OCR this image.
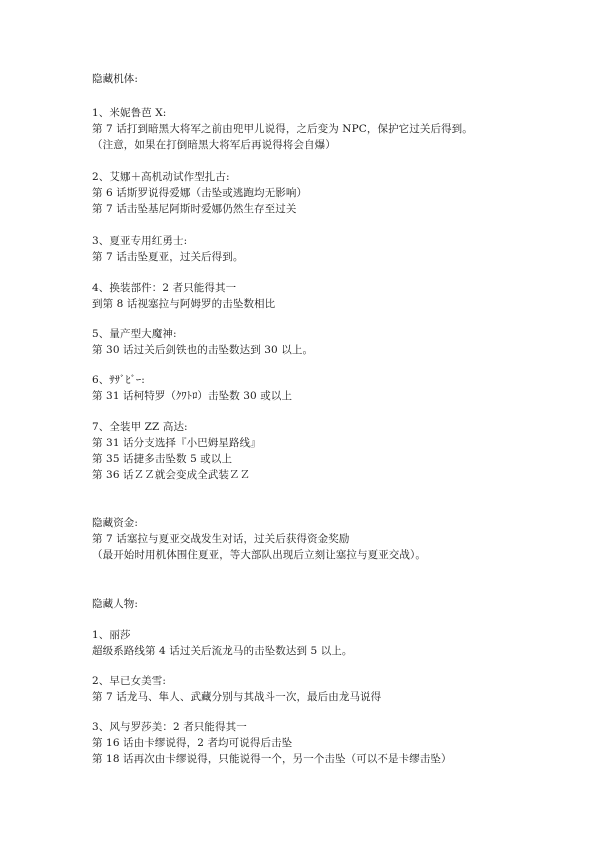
隐藏机体:
1、米妮鲁芭 X:
第 7 话打到暗黑大将军之前由兜甲儿说得，之后变为 NPC，保护它过关后得到。
（注意，如果在打倒暗黑大将军后再说得将会自爆）
2、艾娜＋高机动试作型扎古:
第 6 话斯罗说得爱娜（击坠或逃跑均无影响）
第 7 话击坠基尼阿斯时爱娜仍然生存至过关
3、夏亚专用红勇士:
第 7 话击坠夏亚，过关后得到。
4、换装部件：2 者只能得其一
到第 8 话视塞拉与阿姆罗的击坠数相比
5、量产型大魔神:
第 30 话过关后剑铁也的击坠数达到 30 以上。
6、ｻｻﾞﾋﾞｰ:
第 31 话柯特罗（ｸﾜﾄﾛ）击坠数 30 或以上
7、全装甲 ZZ 高达:
第 31 话分支选择『小巴姆星路线』
第 35 话捷多击坠数 5 或以上
第 36 话ＺＺ就会变成全武装ＺＺ
隐藏资金:
第 7 话塞拉与夏亚交战发生对话，过关后获得资金奖励
（最开始时用机体围住夏亚，等大部队出现后立刻让塞拉与夏亚交战）。
隐藏人物:
1、丽莎
超级系路线第 4 话过关后流龙马的击坠数达到 5 以上。
2、早已女美雪:
第 7 话龙马、隼人、武藏分别与其战斗一次，最后由龙马说得
3、风与罗莎美：2 者只能得其一
第 16 话由卡缪说得，2 者均可说得后击坠
第 18 话再次由卡缪说得，只能说得一个，另一个击坠（可以不是卡缪击坠）
